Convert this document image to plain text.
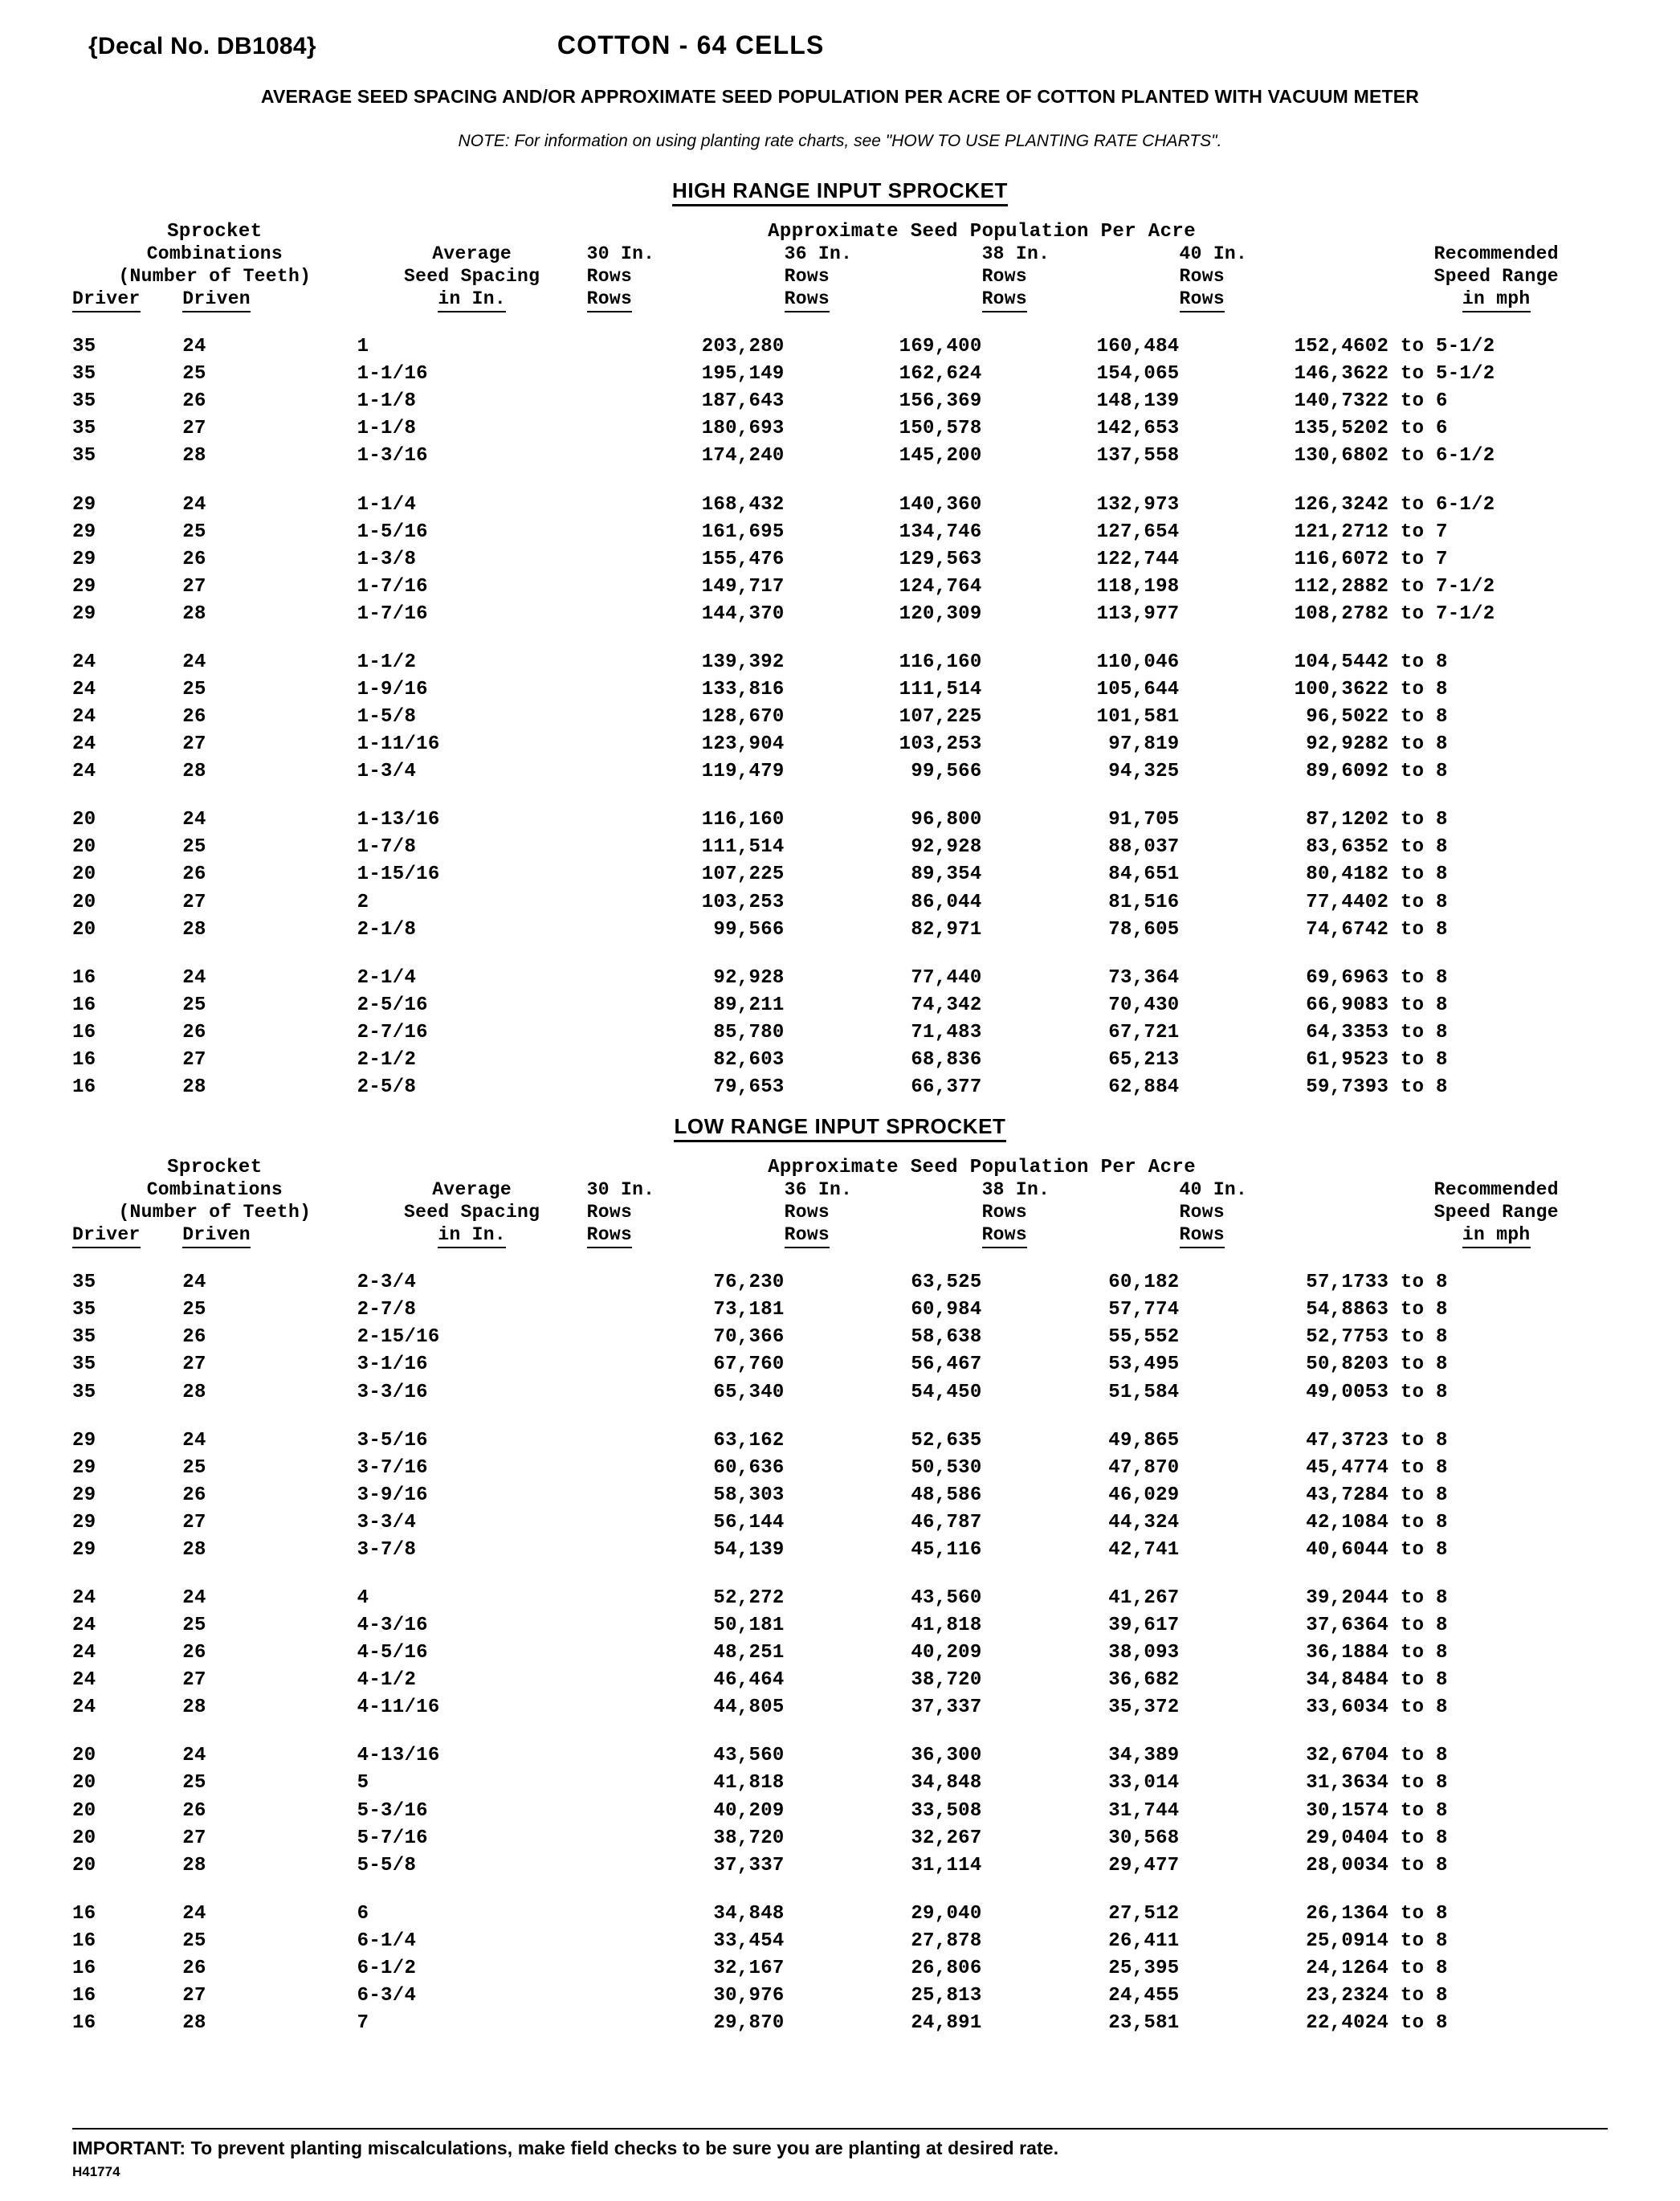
{Decal No. DB1084}	COTTON - 64 CELLS
AVERAGE SEED SPACING AND/OR APPROXIMATE SEED POPULATION PER ACRE OF COTTON PLANTED WITH VACUUM METER
NOTE: For information on using planting rate charts, see "HOW TO USE PLANTING RATE CHARTS".
HIGH RANGE INPUT SPROCKET
Sprocket			Approximate Seed Population Per Acre				
Combinations		Average	30 In.	36 In.	38 In.	40 In.	Recommended
(Number of Teeth)		Seed Spacing	Rows	Rows	Rows	Rows	Speed Range
Driver	Driven	in In.	Rows	Rows	Rows	Rows	in mph

35	24	1	203,280	169,400	160,484	152,460	2 to 5-1/2
35	25	1-1/16	195,149	162,624	154,065	146,362	2 to 5-1/2
35	26	1-1/8	187,643	156,369	148,139	140,732	2 to 6
35	27	1-1/8	180,693	150,578	142,653	135,520	2 to 6
35	28	1-3/16	174,240	145,200	137,558	130,680	2 to 6-1/2

29	24	1-1/4	168,432	140,360	132,973	126,324	2 to 6-1/2
29	25	1-5/16	161,695	134,746	127,654	121,271	2 to 7
29	26	1-3/8	155,476	129,563	122,744	116,607	2 to 7
29	27	1-7/16	149,717	124,764	118,198	112,288	2 to 7-1/2
29	28	1-7/16	144,370	120,309	113,977	108,278	2 to 7-1/2

24	24	1-1/2	139,392	116,160	110,046	104,544	2 to 8
24	25	1-9/16	133,816	111,514	105,644	100,362	2 to 8
24	26	1-5/8	128,670	107,225	101,581	96,502	2 to 8
24	27	1-11/16	123,904	103,253	97,819	92,928	2 to 8
24	28	1-3/4	119,479	99,566	94,325	89,609	2 to 8

20	24	1-13/16	116,160	96,800	91,705	87,120	2 to 8
20	25	1-7/8	111,514	92,928	88,037	83,635	2 to 8
20	26	1-15/16	107,225	89,354	84,651	80,418	2 to 8
20	27	2	103,253	86,044	81,516	77,440	2 to 8
20	28	2-1/8	99,566	82,971	78,605	74,674	2 to 8

16	24	2-1/4	92,928	77,440	73,364	69,696	3 to 8
16	25	2-5/16	89,211	74,342	70,430	66,908	3 to 8
16	26	2-7/16	85,780	71,483	67,721	64,335	3 to 8
16	27	2-1/2	82,603	68,836	65,213	61,952	3 to 8
16	28	2-5/8	79,653	66,377	62,884	59,739	3 to 8
LOW RANGE INPUT SPROCKET
Sprocket			Approximate Seed Population Per Acre				
Combinations		Average	30 In.	36 In.	38 In.	40 In.	Recommended
(Number of Teeth)		Seed Spacing	Rows	Rows	Rows	Rows	Speed Range
Driver	Driven	in In.	Rows	Rows	Rows	Rows	in mph

35	24	2-3/4	76,230	63,525	60,182	57,173	3 to 8
35	25	2-7/8	73,181	60,984	57,774	54,886	3 to 8
35	26	2-15/16	70,366	58,638	55,552	52,775	3 to 8
35	27	3-1/16	67,760	56,467	53,495	50,820	3 to 8
35	28	3-3/16	65,340	54,450	51,584	49,005	3 to 8

29	24	3-5/16	63,162	52,635	49,865	47,372	3 to 8
29	25	3-7/16	60,636	50,530	47,870	45,477	4 to 8
29	26	3-9/16	58,303	48,586	46,029	43,728	4 to 8
29	27	3-3/4	56,144	46,787	44,324	42,108	4 to 8
29	28	3-7/8	54,139	45,116	42,741	40,604	4 to 8

24	24	4	52,272	43,560	41,267	39,204	4 to 8
24	25	4-3/16	50,181	41,818	39,617	37,636	4 to 8
24	26	4-5/16	48,251	40,209	38,093	36,188	4 to 8
24	27	4-1/2	46,464	38,720	36,682	34,848	4 to 8
24	28	4-11/16	44,805	37,337	35,372	33,603	4 to 8

20	24	4-13/16	43,560	36,300	34,389	32,670	4 to 8
20	25	5	41,818	34,848	33,014	31,363	4 to 8
20	26	5-3/16	40,209	33,508	31,744	30,157	4 to 8
20	27	5-7/16	38,720	32,267	30,568	29,040	4 to 8
20	28	5-5/8	37,337	31,114	29,477	28,003	4 to 8

16	24	6	34,848	29,040	27,512	26,136	4 to 8
16	25	6-1/4	33,454	27,878	26,411	25,091	4 to 8
16	26	6-1/2	32,167	26,806	25,395	24,126	4 to 8
16	27	6-3/4	30,976	25,813	24,455	23,232	4 to 8
16	28	7	29,870	24,891	23,581	22,402	4 to 8
IMPORTANT: To prevent planting miscalculations, make field checks to be sure you are planting at desired rate.
H41774
